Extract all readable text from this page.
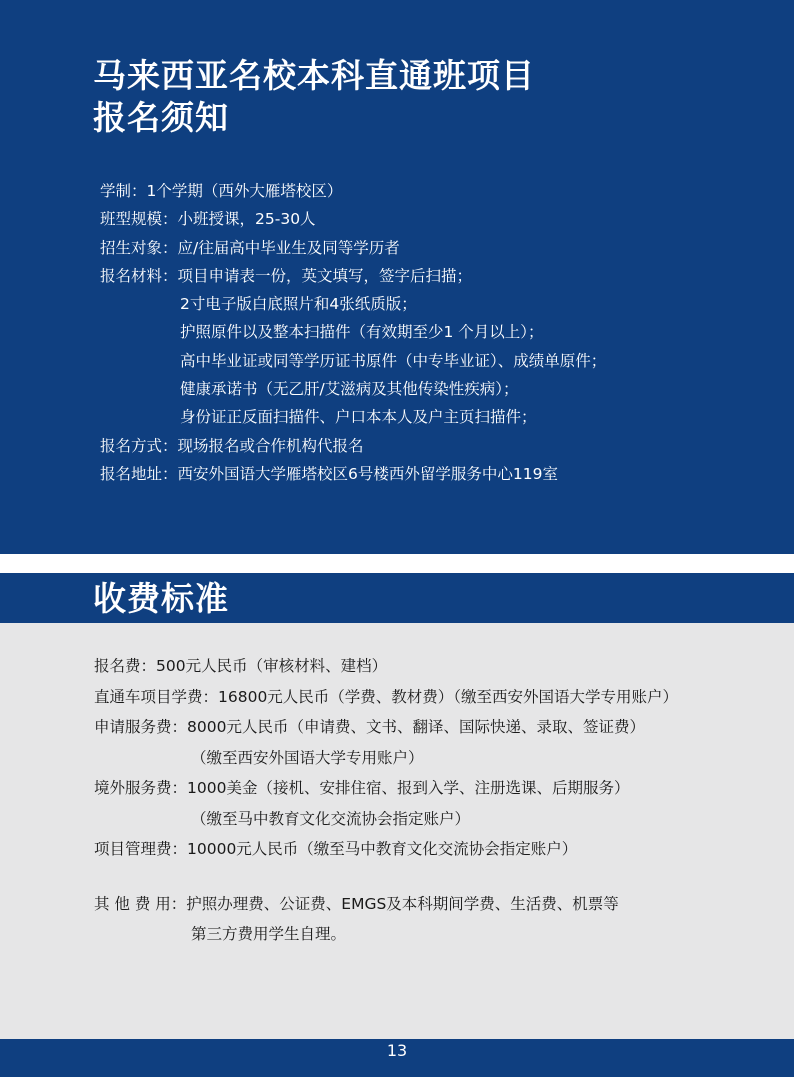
马来西亚名校本科直通班项目
报名须知
学制： 1个学期（西外大雁塔校区）
班型规模： 小班授课，25-30人
招生对象： 应/往届高中毕业生及同等学历者
报名材料： 项目申请表一份，英文填写，签字后扫描；
2寸电子版白底照片和4张纸质版；
护照原件以及整本扫描件（有效期至少1 个月以上）；
高中毕业证或同等学历证书原件（中专毕业证）、成绩单原件；
健康承诺书（无乙肝/艾滋病及其他传染性疾病）；
身份证正反面扫描件、户口本本人及户主页扫描件；
报名方式： 现场报名或合作机构代报名
报名地址： 西安外国语大学雁塔校区6号楼西外留学服务中心119室
收费标准
报名费：500元人民币（审核材料、建档）
直通车项目学费：16800元人民币（学费、教材费）（缴至西安外国语大学专用账户）
申请服务费：8000元人民币（申请费、文书、翻译、国际快递、录取、签证费）
（缴至西安外国语大学专用账户）
境外服务费：1000美金（接机、安排住宿、报到入学、注册选课、后期服务）
（缴至马中教育文化交流协会指定账户）
项目管理费：10000元人民币（缴至马中教育文化交流协会指定账户）
其 他 费 用：护照办理费、公证费、EMGS及本科期间学费、生活费、机票等
第三方费用学生自理。
13
